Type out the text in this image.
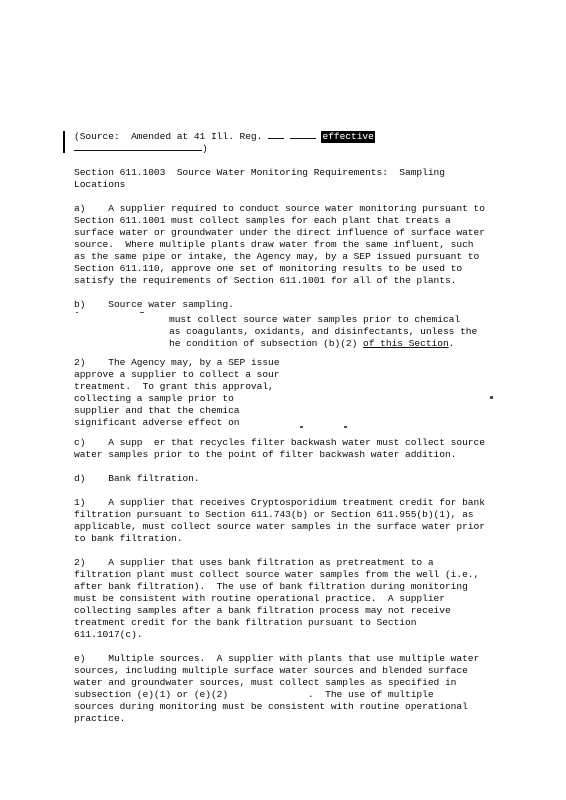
(Source:  Amended at 41 Ill. Reg.	effective
)
Section 611.1003  Source Water Monitoring Requirements:  Sampling
Locations
a)    A supplier required to conduct source water monitoring pursuant to
Section 611.1001 must collect samples for each plant that treats a
surface water or groundwater under the direct influence of surface water
source.  Where multiple plants draw water from the same influent, such
as the same pipe or intake, the Agency may, by a SEP issued pursuant to
Section 611.110, approve one set of monitoring results to be used to
satisfy the requirements of Section 611.1001 for all of the plants.
b)    Source water sampling.
must collect source water samples prior to chemical
as coagulants, oxidants, and disinfectants, unless the
he condition of subsection (b)(2) of this Section.
2)    The Agency may, by a SEP issue
approve a supplier to collect a sour
treatment.  To grant this approval,
collecting a sample prior to
supplier and that the chemica
significant adverse effect on
c)    A supp  er that recycles filter backwash water must collect source
water samples prior to the point of filter backwash water addition.
d)    Bank filtration.
1)    A supplier that receives Cryptosporidium treatment credit for bank
filtration pursuant to Section 611.743(b) or Section 611.955(b)(1), as
applicable, must collect source water samples in the surface water prior
to bank filtration.
2)    A supplier that uses bank filtration as pretreatment to a
filtration plant must collect source water samples from the well (i.e.,
after bank filtration).  The use of bank filtration during monitoring
must be consistent with routine operational practice.  A supplier
collecting samples after a bank filtration process may not receive
treatment credit for the bank filtration pursuant to Section
611.1017(c).
e)    Multiple sources.  A supplier with plants that use multiple water
sources, including multiple surface water sources and blended surface
water and groundwater sources, must collect samples as specified in
subsection (e)(1) or (e)(2)              .  The use of multiple
sources during monitoring must be consistent with routine operational
practice.
